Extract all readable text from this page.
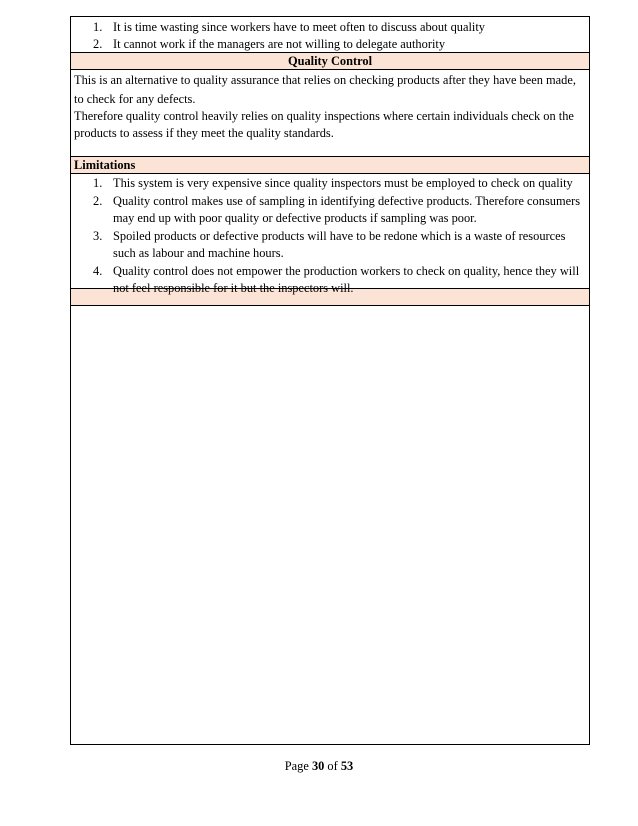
1. It is time wasting since workers have to meet often to discuss about quality
2. It cannot work if the managers are not willing to delegate authority
Quality Control

This is an alternative to quality assurance that relies on checking products after they have been made, to check for any defects.

Therefore quality control heavily relies on quality inspections where certain individuals check on the products to assess if they meet the quality standards.

Limitations
1. This system is very expensive since quality inspectors must be employed to check on quality
2. Quality control makes use of sampling in identifying defective products. Therefore consumers may end up with poor quality or defective products if sampling was poor.
3. Spoiled products or defective products will have to be redone which is a waste of resources such as labour and machine hours.
4. Quality control does not empower the production workers to check on quality, hence they will not feel responsible for it but the inspectors will.
Page 30 of 53
